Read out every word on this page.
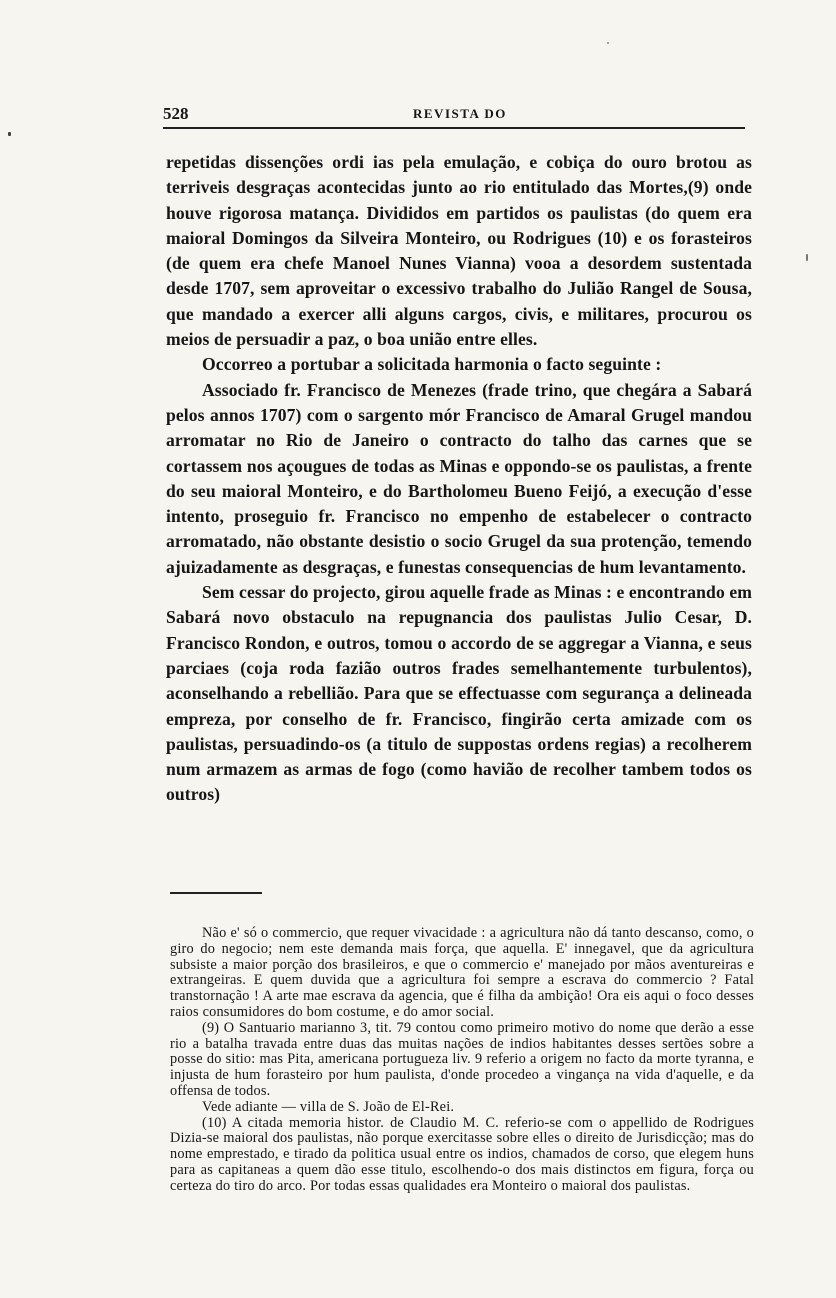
528	REVISTA DO

repetidas dissenções ordi ias pela emulação, e cobiça do ouro brotou as terriveis desgraças acontecidas junto ao rio entitulado das Mortes,(9) onde houve rigorosa matança. Divididos em partidos os paulistas (do quem era maioral Domingos da Silveira Monteiro, ou Rodrigues (10) e os forasteiros (de quem era chefe Manoel Nunes Vianna) vooa a desordem sustentada desde 1707, sem aproveitar o excessivo trabalho do Julião Rangel de Sousa, que mandado a exercer alli alguns cargos, civis, e militares, procurou os meios de persuadir a paz, o boa união entre elles.

Occorreo a portubar a solicitada harmonia o facto seguinte :

Associado fr. Francisco de Menezes (frade trino, que chegára a Sabará pelos annos 1707) com o sargento mór Francisco de Amaral Grugel mandou arromatar no Rio de Janeiro o contracto do talho das carnes que se cortassem nos açougues de todas as Minas e oppondo-se os paulistas, a frente do seu maioral Monteiro, e do Bartholomeu Bueno Feijó, a execução d'esse intento, proseguio fr. Francisco no empenho de estabelecer o contracto arromatado, não obstante desistio o socio Grugel da sua protenção, temendo ajuizadamente as desgraças, e funestas consequencias de hum levantamento.

Sem cessar do projecto, girou aquelle frade as Minas : e encontrando em Sabará novo obstaculo na repugnancia dos paulistas Julio Cesar, D. Francisco Rondon, e outros, tomou o accordo de se aggregar a Vianna, e seus parciaes (coja roda fazião outros frades semelhantemente turbulentos), aconselhando a rebellião. Para que se effectuasse com segurança a delineada empreza, por conselho de fr. Francisco, fingirão certa amizade com os paulistas, persuadindo-os (a titulo de suppostas ordens regias) a recolherem num armazem as armas de fogo (como havião de recolher tambem todos os outros)

Não e' só o commercio, que requer vivacidade : a agricultura não dá tanto descanso, como, o giro do negocio; nem este demanda mais força, que aquella. E' innegavel, que da agricultura subsiste a maior porção dos brasileiros, e que o commercio e' manejado por mãos aventureiras e extrangeiras. E quem duvida que a agricultura foi sempre a escrava do commercio ? Fatal transtornação ! A arte mae escrava da agencia, que é filha da ambição! Ora eis aqui o foco desses raios consumidores do bom costume, e do amor social.

(9) O Santuario marianno 3, tit. 79 contou como primeiro motivo do nome que derão a esse rio a batalha travada entre duas das muitas nações de indios habitantes desses sertões sobre a posse do sitio: mas Pita, americana portugueza liv. 9 referio a origem no facto da morte tyranna, e injusta de hum forasteiro por hum paulista, d'onde procedeo a vingança na vida d'aquelle, e da offensa de todos.

Vede adiante — villa de S. João de El-Rei.

(10) A citada memoria histor. de Claudio M. C. referio-se com o appellido de Rodrigues Dizia-se maioral dos paulistas, não porque exercitasse sobre elles o direito de Jurisdicção; mas do nome emprestado, e tirado da politica usual entre os indios, chamados de corso, que elegem huns para as capitaneas a quem dão esse titulo, escolhendo-o dos mais distinctos em figura, força ou certeza do tiro do arco. Por todas essas qualidades era Monteiro o maioral dos paulistas.
